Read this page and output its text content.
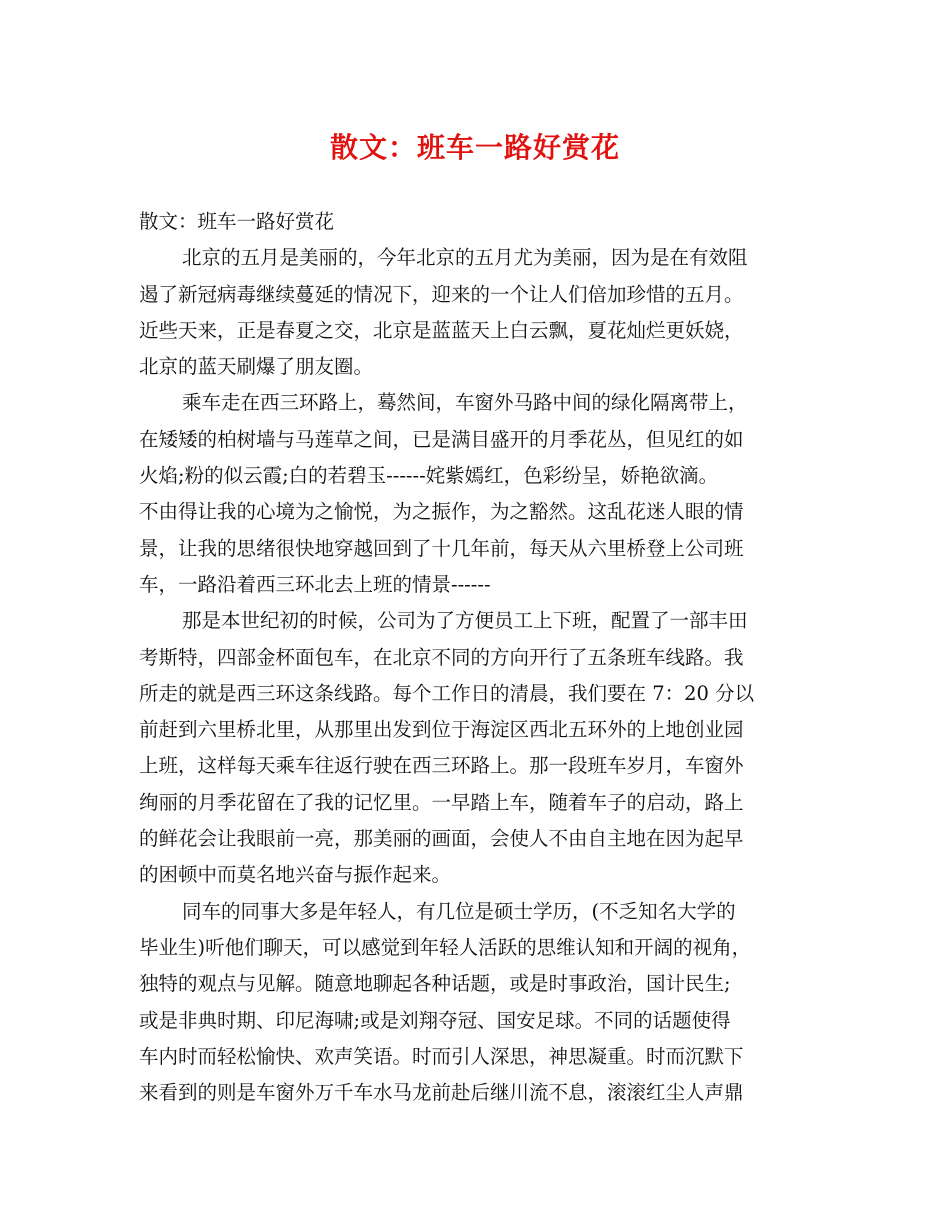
散文：班车一路好赏花
散文：班车一路好赏花
北京的五月是美丽的，今年北京的五月尤为美丽，因为是在有效阻
遏了新冠病毒继续蔓延的情况下，迎来的一个让人们倍加珍惜的五月。
近些天来，正是春夏之交，北京是蓝蓝天上白云飘，夏花灿烂更妖娆，
北京的蓝天刷爆了朋友圈。
乘车走在西三环路上，蓦然间，车窗外马路中间的绿化隔离带上，
在矮矮的柏树墙与马莲草之间，已是满目盛开的月季花丛，但见红的如
火焰;粉的似云霞;白的若碧玉------姹紫嫣红，色彩纷呈，娇艳欲滴。
不由得让我的心境为之愉悦，为之振作，为之豁然。这乱花迷人眼的情
景，让我的思绪很快地穿越回到了十几年前，每天从六里桥登上公司班
车，一路沿着西三环北去上班的情景------
那是本世纪初的时候，公司为了方便员工上下班，配置了一部丰田
考斯特，四部金杯面包车，在北京不同的方向开行了五条班车线路。我
所走的就是西三环这条线路。每个工作日的清晨，我们要在 7：20 分以
前赶到六里桥北里，从那里出发到位于海淀区西北五环外的上地创业园
上班，这样每天乘车往返行驶在西三环路上。那一段班车岁月，车窗外
绚丽的月季花留在了我的记忆里。一早踏上车，随着车子的启动，路上
的鲜花会让我眼前一亮，那美丽的画面，会使人不由自主地在因为起早
的困顿中而莫名地兴奋与振作起来。
同车的同事大多是年轻人，有几位是硕士学历，(不乏知名大学的
毕业生)听他们聊天，可以感觉到年轻人活跃的思维认知和开阔的视角，
独特的观点与见解。随意地聊起各种话题，或是时事政治，国计民生;
或是非典时期、印尼海啸;或是刘翔夺冠、国安足球。不同的话题使得
车内时而轻松愉快、欢声笑语。时而引人深思，神思凝重。时而沉默下
来看到的则是车窗外万千车水马龙前赴后继川流不息，滚滚红尘人声鼎
